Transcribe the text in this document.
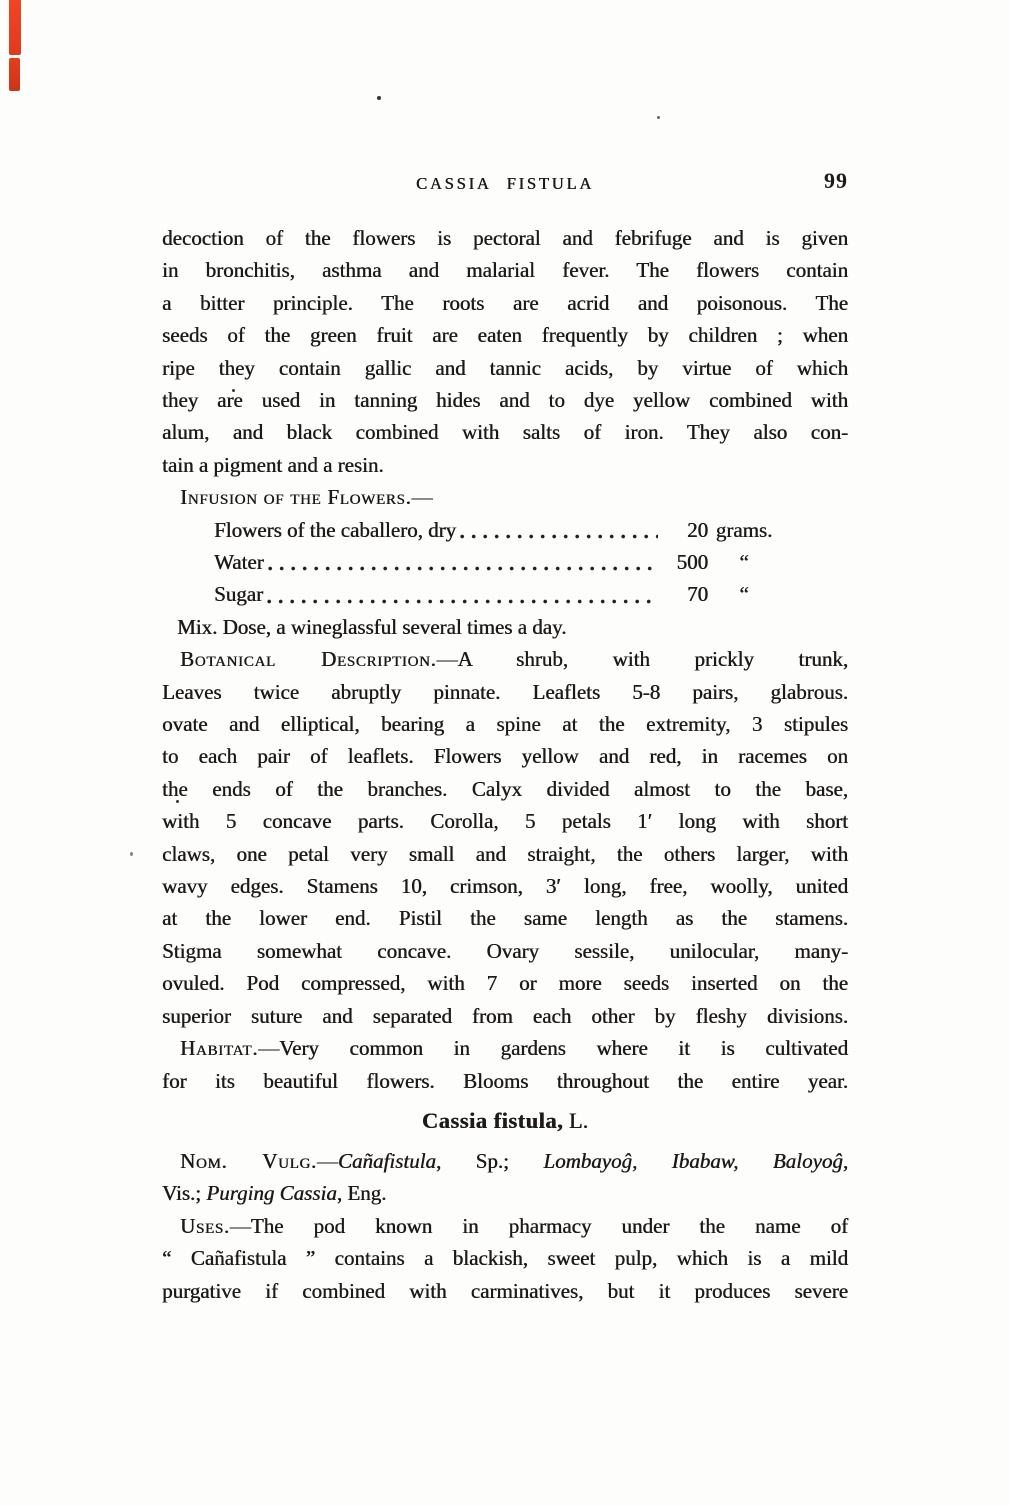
CASSIA FISTULA	99
decoction of the flowers is pectoral and febrifuge and is given
in bronchitis, asthma and malarial fever. The flowers contain
a bitter principle. The roots are acrid and poisonous. The
seeds of the green fruit are eaten frequently by children ; when
ripe they contain gallic and tannic acids, by virtue of which
they are used in tanning hides and to dye yellow combined with
alum, and black combined with salts of iron. They also con-
tain a pigment and a resin.
Infusion of the Flowers.—
Flowers of the caballero, dry	20 grams.
Water	500	“
Sugar	70	“
Mix. Dose, a wineglassful several times a day.
Botanical Description.—A shrub, with prickly trunk,
Leaves twice abruptly pinnate. Leaflets 5-8 pairs, glabrous.
ovate and elliptical, bearing a spine at the extremity, 3 stipules
to each pair of leaflets. Flowers yellow and red, in racemes on
the ends of the branches. Calyx divided almost to the base,
with 5 concave parts. Corolla, 5 petals 1′ long with short
claws, one petal very small and straight, the others larger, with
wavy edges. Stamens 10, crimson, 3′ long, free, woolly, united
at the lower end. Pistil the same length as the stamens.
Stigma somewhat concave. Ovary sessile, unilocular, many-
ovuled. Pod compressed, with 7 or more seeds inserted on the
superior suture and separated from each other by fleshy divisions.
Habitat.—Very common in gardens where it is cultivated
for its beautiful flowers. Blooms throughout the entire year.
Cassia fistula, L.
Nom. Vulg.—Cañafistula, Sp.; Lombayoĝ, Ibabaw, Baloyoĝ,
Vis.; Purging Cassia, Eng.
Uses.—The pod known in pharmacy under the name of
“ Cañafistula ” contains a blackish, sweet pulp, which is a mild
purgative if combined with carminatives, but it produces severe
